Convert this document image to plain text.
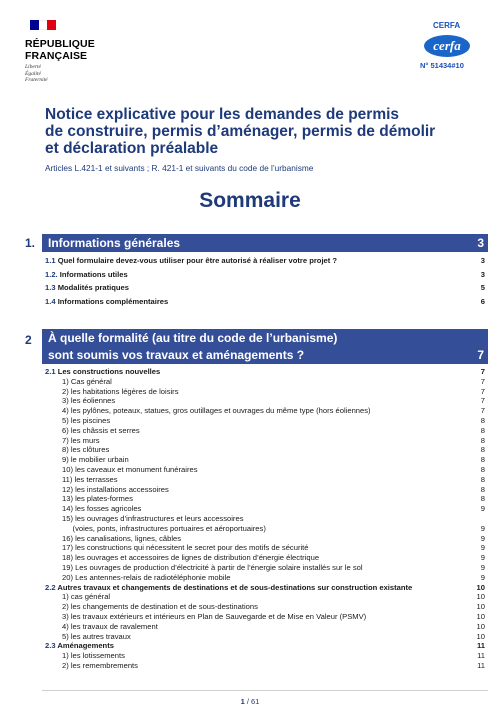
RÉPUBLIQUE
FRANÇAISE
Liberté
Égalité
Fraternité
CERFA
cerfa
N° 51434#10
Notice explicative pour les demandes de permis
de construire, permis d’aménager, permis de démolir
et déclaration préalable
Articles L.421-1 et suivants ; R. 421-1 et suivants du code de l’urbanisme
Sommaire
1. Informations générales	3
1.1 Quel formulaire devez-vous utiliser pour être autorisé à réaliser votre projet ?	3
1.2. Informations utiles	3
1.3 Modalités pratiques	5
1.4 Informations complémentaires	6
2 À quelle formalité (au titre du code de l’urbanisme)
sont soumis vos travaux et aménagements ?	7
2.1 Les constructions nouvelles	7
1) Cas général	7
2) les habitations légères de loisirs	7
3) les éoliennes	7
4) les pylônes, poteaux, statues, gros outillages et ouvrages du même type (hors éoliennes)	7
5) les piscines	8
6) les châssis et serres	8
7) les murs	8
8) les clôtures	8
9) le mobilier urbain	8
10) les caveaux et monument funéraires	8
11) les terrasses	8
12) les installations accessoires	8
13) les plates-formes	8
14) les fosses agricoles	9
15) les ouvrages d’infrastructures et leurs accessoires
(voies, ponts, infrastructures portuaires et aéroportuaires)	9
16) les canalisations, lignes, câbles	9
17) les constructions qui nécessitent le secret pour des motifs de sécurité	9
18) les ouvrages et accessoires de lignes de distribution d’énergie électrique	9
19) Les ouvrages de production d’électricité à partir de l’énergie solaire installés sur le sol	9
20) Les antennes-relais de radiotéléphonie mobile	9
2.2 Autres travaux et changements de destinations et de sous-destinations sur construction existante	10
1) cas général	10
2) les changements de destination et de sous-destinations	10
3) les travaux extérieurs et intérieurs en Plan de Sauvegarde et de Mise en Valeur (PSMV)	10
4) les travaux de ravalement	10
5) les autres travaux	10
2.3 Aménagements	11
1) les lotissements	11
2) les remembrements	11
1 / 61
